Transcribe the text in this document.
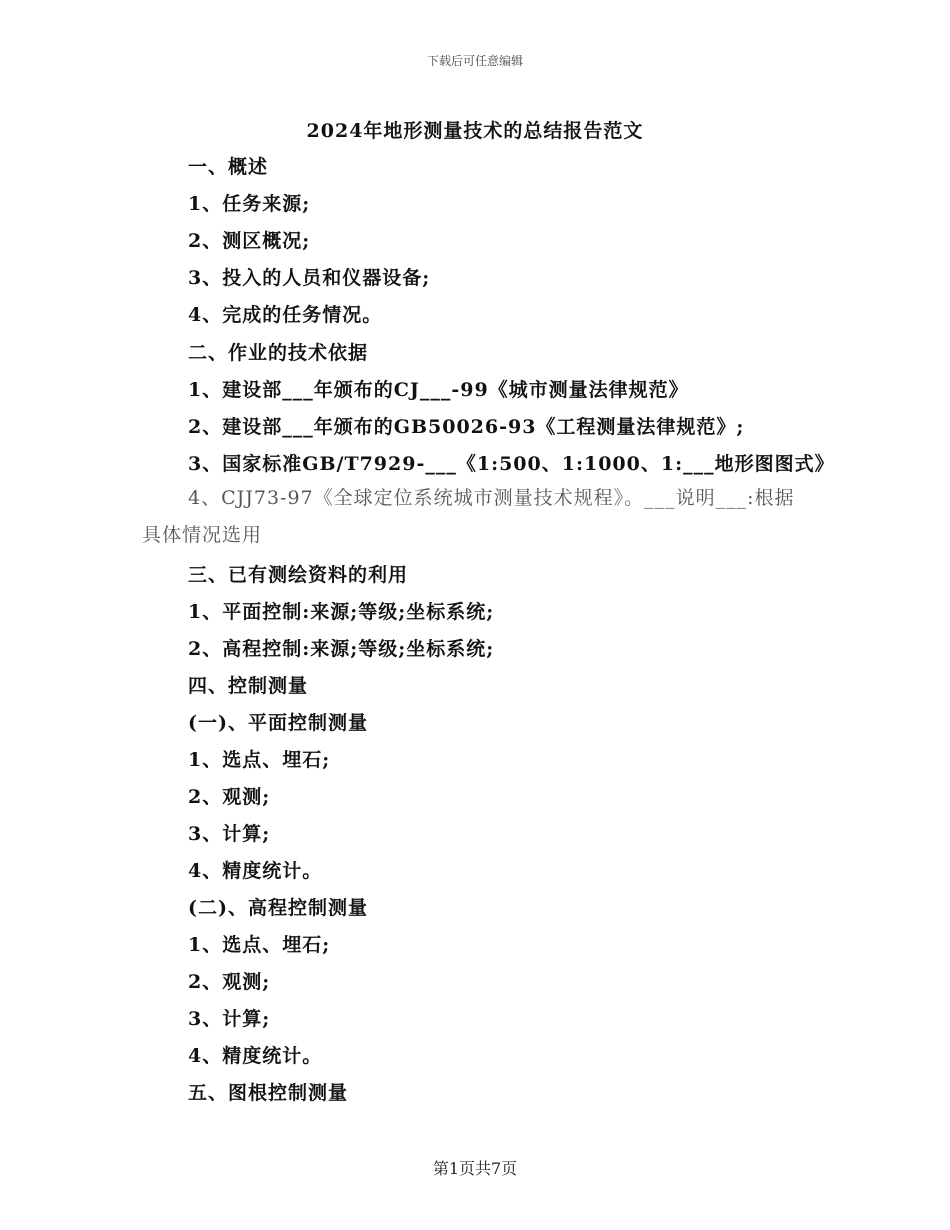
下载后可任意编辑
2024年地形测量技术的总结报告范文
一、概述
1、任务来源;
2、测区概况;
3、投入的人员和仪器设备;
4、完成的任务情况。
二、作业的技术依据
1、建设部___年颁布的CJ___-99《城市测量法律规范》
2、建设部___年颁布的GB50026-93《工程测量法律规范》;
3、国家标准GB/T7929-___《1:500、1:1000、1:___地形图图式》
4、CJJ73-97《全球定位系统城市测量技术规程》。___说明___:根据具体情况选用
三、已有测绘资料的利用
1、平面控制:来源;等级;坐标系统;
2、高程控制:来源;等级;坐标系统;
四、控制测量
(一)、平面控制测量
1、选点、埋石;
2、观测;
3、计算;
4、精度统计。
(二)、高程控制测量
1、选点、埋石;
2、观测;
3、计算;
4、精度统计。
五、图根控制测量
第1页共7页
